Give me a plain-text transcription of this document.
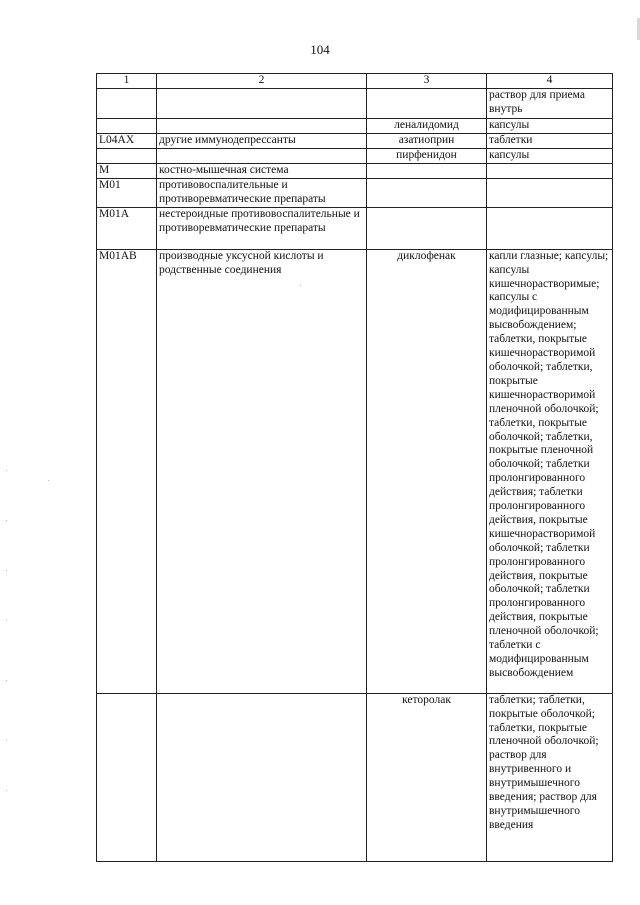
104
1	2	3	4
			раствор для приема внутрь
		леналидомид	капсулы
L04AX	другие иммунодепрессанты	азатиоприн	таблетки
		пирфенидон	капсулы
M	костно-мышечная система		
M01	противовоспалительные и противоревматические препараты		
M01A	нестероидные противовоспалительные и противоревматические препараты		
M01AB	производные уксусной кислоты и родственные соединения	диклофенак	капли глазные; капсулы; капсулы кишечнорастворимые; капсулы с модифицированным высвобождением; таблетки, покрытые кишечнорастворимой оболочкой; таблетки, покрытые кишечнорастворимой пленочной оболочкой; таблетки, покрытые оболочкой; таблетки, покрытые пленочной оболочкой; таблетки пролонгированного действия; таблетки пролонгированного действия, покрытые кишечнорастворимой оболочкой; таблетки пролонгированного действия, покрытые оболочкой; таблетки пролонгированного действия, покрытые пленочной оболочкой; таблетки с модифицированным высвобождением
		кеторолак	таблетки; таблетки, покрытые оболочкой; таблетки, покрытые пленочной оболочкой; раствор для внутривенного и внутримышечного введения; раствор для внутримышечного введения
